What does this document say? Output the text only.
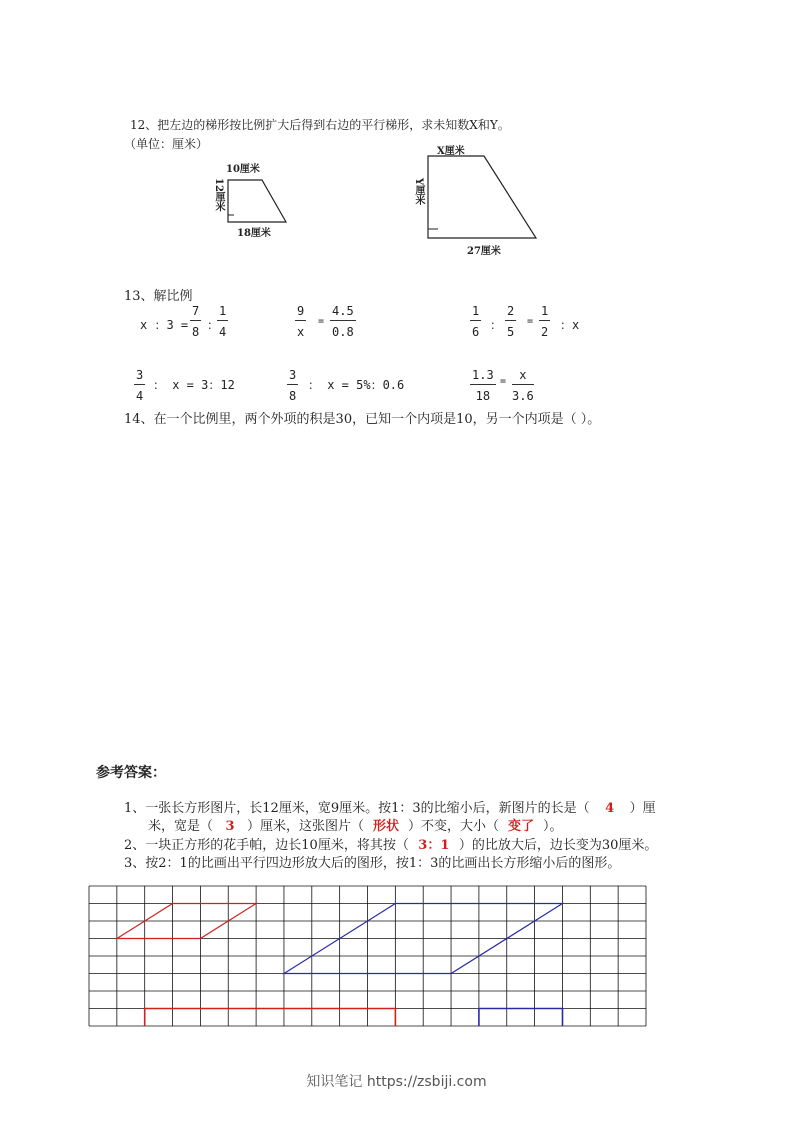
12、把左边的梯形按比例扩大后得到右边的平行梯形，求未知数X和Y。
（单位：厘米）
10厘米
12厘米
18厘米
X厘米
Y厘米
27厘米
13、解比例
x ：$3 = \frac{7}{8}$ ：
$\frac{1}{4}$	$\frac{9}{x} = \frac{4.5}{0.8}$	$\frac{1}{6}$ ： $\frac{2}{5} = \frac{1}{2}$ ：x
$\frac{3}{4}$ ： x = 3：12	$\frac{3}{8}$ ： x = 5%：0.6	$\frac{1.3}{18} = \frac{x}{3.6}$
14、在一个比例里，两个外项的积是30，已知一个内项是10，另一个内项是（ ）。
参考答案：
1、一张长方形图片，长12厘米，宽9厘米。按1：3的比缩小后，新图片的长是（ 4 ）厘
米，宽是（ 3 ）厘米，这张图片（ 形状 ）不变，大小（ 变了 ）。
2、一块正方形的花手帕，边长10厘米，将其按（ 3：1 ）的比放大后，边长变为30厘米。
3、按2：1的比画出平行四边形放大后的图形，按1：3的比画出长方形缩小后的图形。
知识笔记 https://zsbiji.com
